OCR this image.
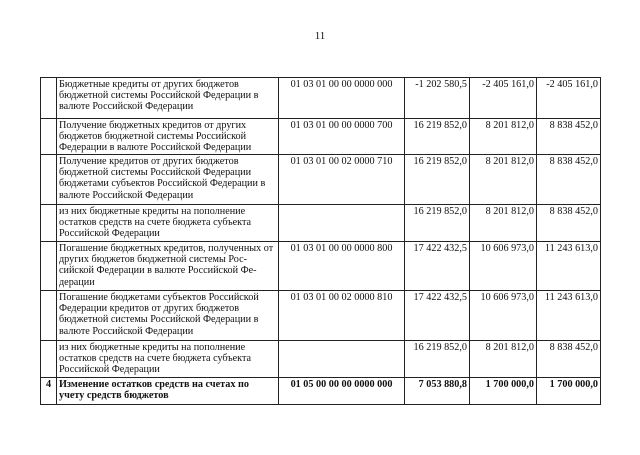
11
	Бюджетные кредиты от других бюджетов бюджетной системы Российской Федерации в валюте Российской Федерации	01 03 01 00 00 0000 000	-1 202 580,5	-2 405 161,0	-2 405 161,0
	Получение бюджетных кредитов от других бюджетов бюджетной системы Российской Федерации в валюте Российской Федерации	01 03 01 00 00 0000 700	16 219 852,0	8 201 812,0	8 838 452,0
	Получение кредитов от других бюджетов бюджетной системы Российской Федерации бюджетами субъектов Российской Федерации в валюте Российской Федерации	01 03 01 00 02 0000 710	16 219 852,0	8 201 812,0	8 838 452,0
	из них бюджетные кредиты на пополнение остатков средств на счете бюджета субъекта Российской Федерации		16 219 852,0	8 201 812,0	8 838 452,0
	Погашение бюджетных кредитов, полученных от других бюджетов бюджетной системы Рос-сийской Федерации в валюте Российской Фе-дерации	01 03 01 00 00 0000 800	17 422 432,5	10 606 973,0	11 243 613,0
	Погашение бюджетами субъектов Российской Федерации кредитов от других бюджетов бюджетной системы Российской Федерации в валюте Российской Федерации	01 03 01 00 02 0000 810	17 422 432,5	10 606 973,0	11 243 613,0
	из них бюджетные кредиты на пополнение остатков средств на счете бюджета субъекта Российской Федерации		16 219 852,0	8 201 812,0	8 838 452,0
4	Изменение остатков средств на счетах по учету средств бюджетов	01 05 00 00 00 0000 000	7 053 880,8	1 700 000,0	1 700 000,0
